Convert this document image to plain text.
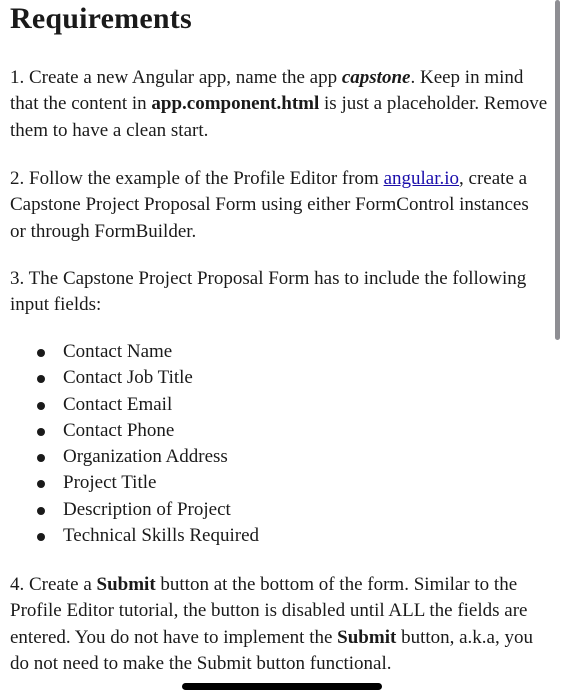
Requirements

1. Create a new Angular app, name the app capstone. Keep in mind that the content in app.component.html is just a placeholder. Remove them to have a clean start.

2. Follow the example of the Profile Editor from angular.io, create a Capstone Project Proposal Form using either FormControl instances or through FormBuilder.

3. The Capstone Project Proposal Form has to include the following input fields:

Contact Name
Contact Job Title
Contact Email
Contact Phone
Organization Address
Project Title
Description of Project
Technical Skills Required

4. Create a Submit button at the bottom of the form. Similar to the Profile Editor tutorial, the button is disabled until ALL the fields are entered. You do not have to implement the Submit button, a.k.a, you do not need to make the Submit button functional.
